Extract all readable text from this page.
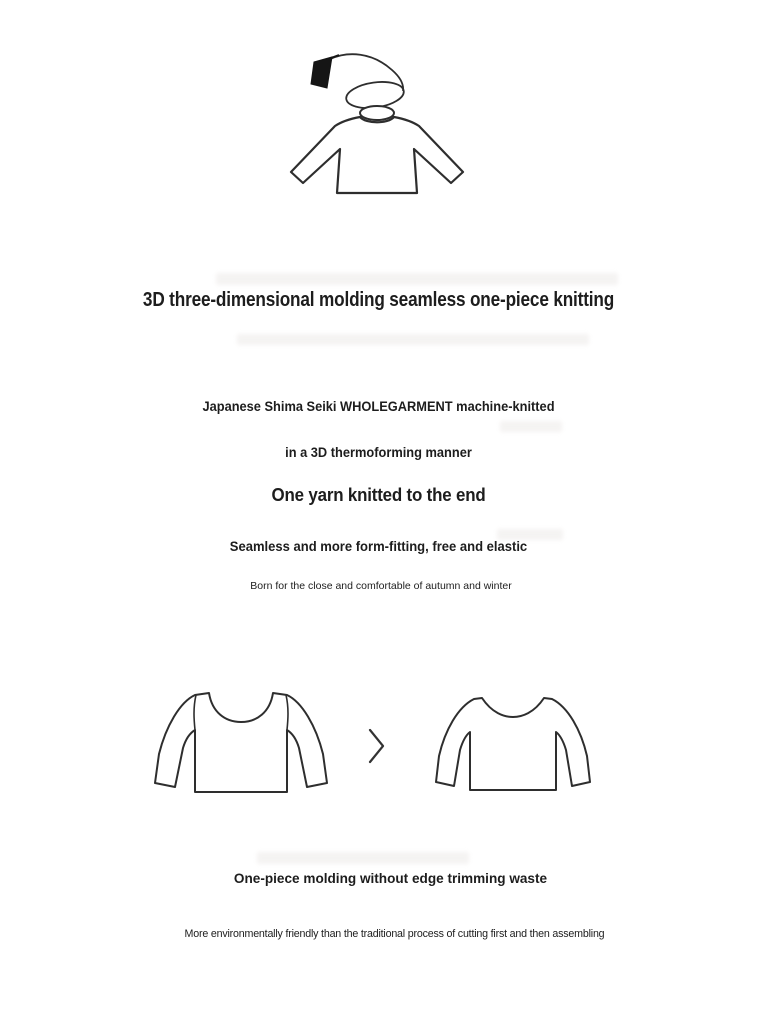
3D three-dimensional molding seamless one-piece knitting
Japanese Shima Seiki WHOLEGARMENT machine-knitted
in a 3D thermoforming manner
One yarn knitted to the end
Seamless and more form-fitting, free and elastic
Born for the close and comfortable of autumn and winter
One-piece molding without edge trimming waste
More environmentally friendly than the traditional process of cutting first and then assembling
